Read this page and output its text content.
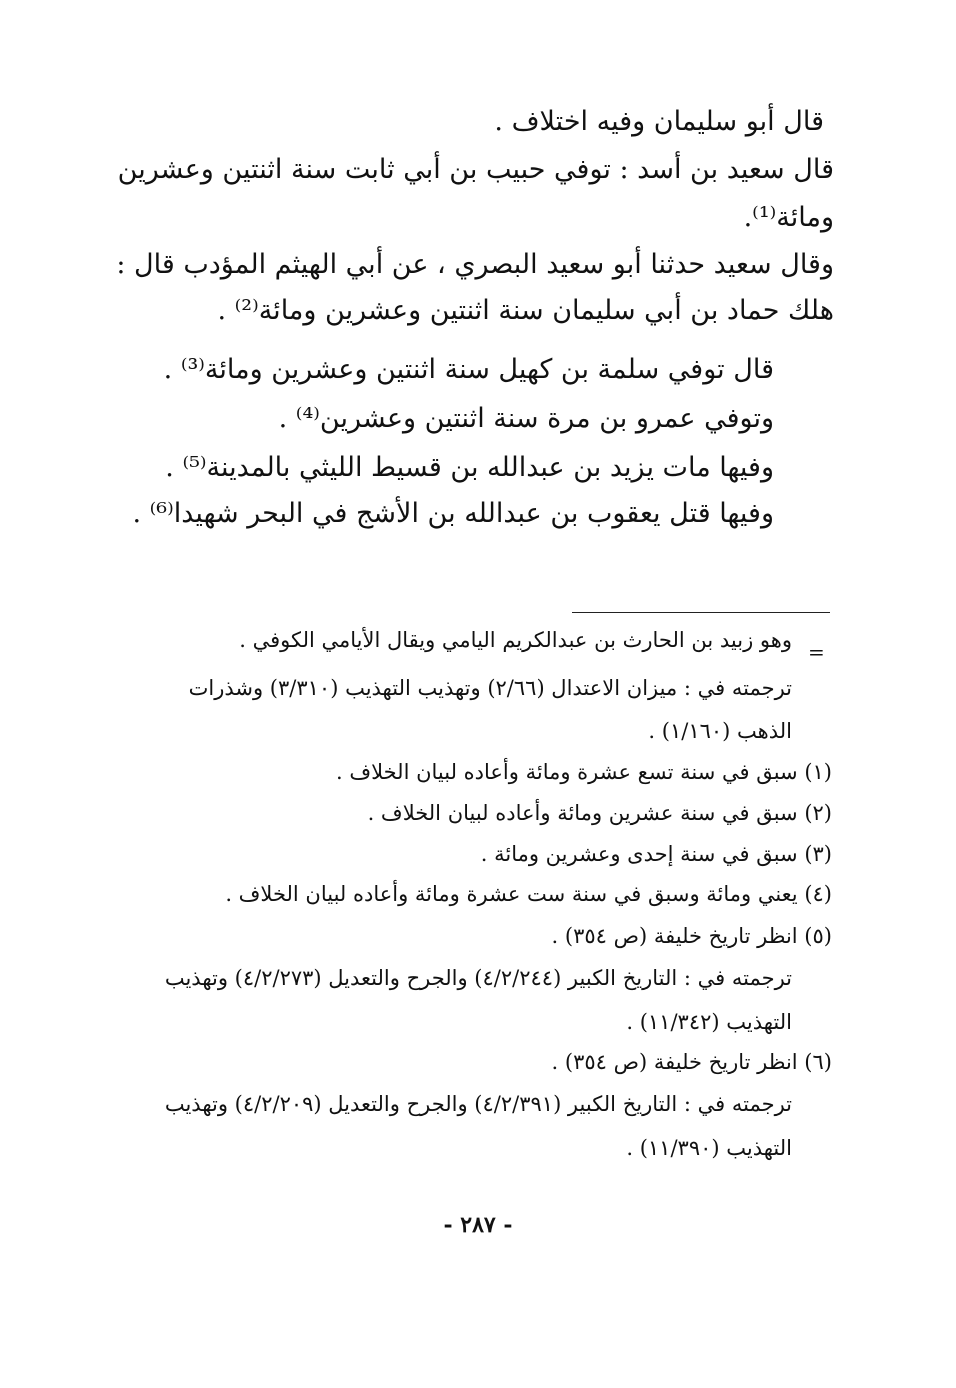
قال أبو سليمان وفيه اختلاف .
قال سعيد بن أسد : توفي حبيب بن أبي ثابت سنة اثنتين وعشرين
ومائة⁽¹⁾.
وقال سعيد حدثنا أبو سعيد البصري ، عن أبي الهيثم المؤدب قال :
هلك حماد بن أبي سليمان سنة اثنتين وعشرين ومائة⁽²⁾ .
قال توفي سلمة بن كهيل سنة اثنتين وعشرين ومائة⁽³⁾ .
وتوفي عمرو بن مرة سنة اثنتين وعشرين⁽⁴⁾ .
وفيها مات يزيد بن عبدالله بن قسيط الليثي بالمدينة⁽⁵⁾ .
وفيها قتل يعقوب بن عبدالله بن الأشج في البحر شهيدا⁽⁶⁾ .
=
وهو زبيد بن الحارث بن عبدالكريم اليامي ويقال الأيامي الكوفي .
ترجمته في : ميزان الاعتدال (٢/٦٦) وتهذيب التهذيب (٣/٣١٠) وشذرات
الذهب (١/١٦٠) .
(١) سبق في سنة تسع عشرة ومائة وأعاده لبيان الخلاف .
(٢) سبق في سنة عشرين ومائة وأعاده لبيان الخلاف .
(٣) سبق في سنة إحدى وعشرين ومائة .
(٤) يعني ومائة وسبق في سنة ست عشرة ومائة وأعاده لبيان الخلاف .
(٥) انظر تاريخ خليفة (ص ٣٥٤) .
ترجمته في : التاريخ الكبير (٤/٢/٢٤٤) والجرح والتعديل (٤/٢/٢٧٣) وتهذيب
التهذيب (١١/٣٤٢) .
(٦) انظر تاريخ خليفة (ص ٣٥٤) .
ترجمته في : التاريخ الكبير (٤/٢/٣٩١) والجرح والتعديل (٤/٢/٢٠٩) وتهذيب
التهذيب (١١/٣٩٠) .
- ٢٨٧ -
